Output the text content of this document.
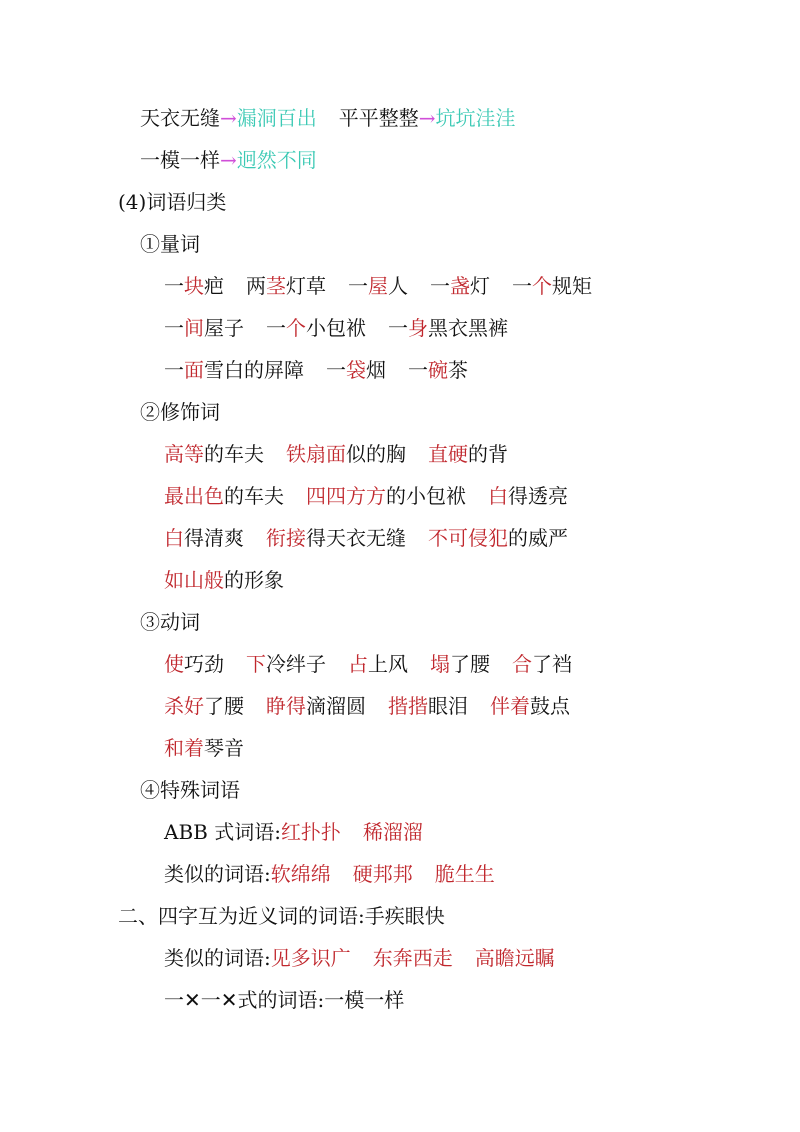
天衣无缝→漏洞百出 平平整整→坑坑洼洼
一模一样→迥然不同
(4)词语归类
①量词
一块疤 两茎灯草 一屋人 一盏灯 一个规矩
一间屋子 一个小包袱 一身黑衣黑裤
一面雪白的屏障 一袋烟 一碗茶
②修饰词
高等的车夫 铁扇面似的胸 直硬的背
最出色的车夫 四四方方的小包袱 白得透亮
白得清爽 衔接得天衣无缝 不可侵犯的威严
如山般的形象
③动词
使巧劲 下冷绊子 占上风 塌了腰 合了裆
杀好了腰 睁得滴溜圆 揩揩眼泪 伴着鼓点
和着琴音
④特殊词语
ABB 式词语:红扑扑 稀溜溜
类似的词语:软绵绵 硬邦邦 脆生生
二、四字互为近义词的词语:手疾眼快
类似的词语:见多识广 东奔西走 高瞻远瞩
一✕一✕式的词语:一模一样
